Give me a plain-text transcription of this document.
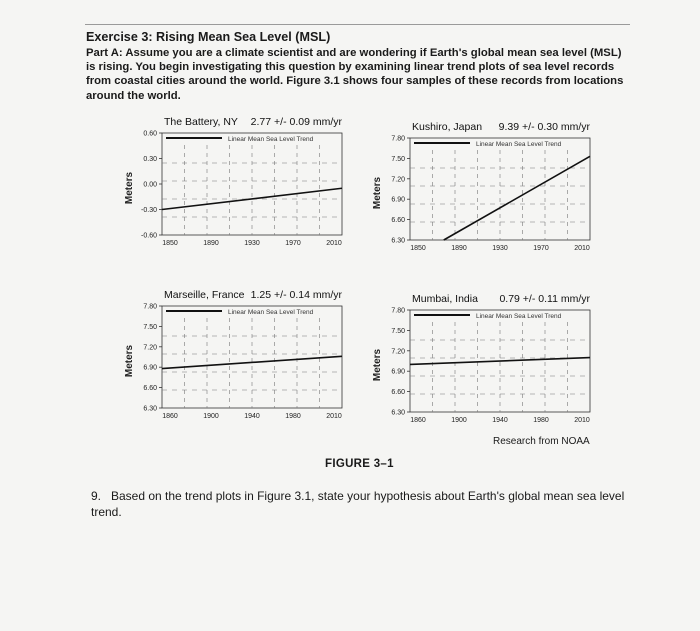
Exercise 3: Rising Mean Sea Level (MSL)
Part A: Assume you are a climate scientist and are wondering if Earth's global mean sea level (MSL) is rising. You begin investigating this question by examining linear trend plots of sea level records from coastal cities around the world. Figure 3.1 shows four samples of these records from locations around the world.
The Battery, NY 2.77 +/- 0.09 mm/yr
Linear Mean Sea Level Trend
0.60
0.30
0.00
-0.30
-0.60
1850	1890	1930	1970	2010
Meters
Kushiro, Japan 9.39 +/- 0.30 mm/yr
Linear Mean Sea Level Trend
7.80
7.50
7.20
6.90
6.60
6.30
1850	1890	1930	1970	2010
Meters
Marseille, France 1.25 +/- 0.14 mm/yr
Linear Mean Sea Level Trend
7.80
7.50
7.20
6.90
6.60
6.30
1860	1900	1940	1980	2010
Meters
Mumbai, India 0.79 +/- 0.11 mm/yr
Linear Mean Sea Level Trend
7.80
7.50
7.20
6.90
6.60
6.30
1860	1900	1940	1980	2010
Meters
Research from NOAA
FIGURE 3–1
9. Based on the trend plots in Figure 3.1, state your hypothesis about Earth's global mean sea level trend.
